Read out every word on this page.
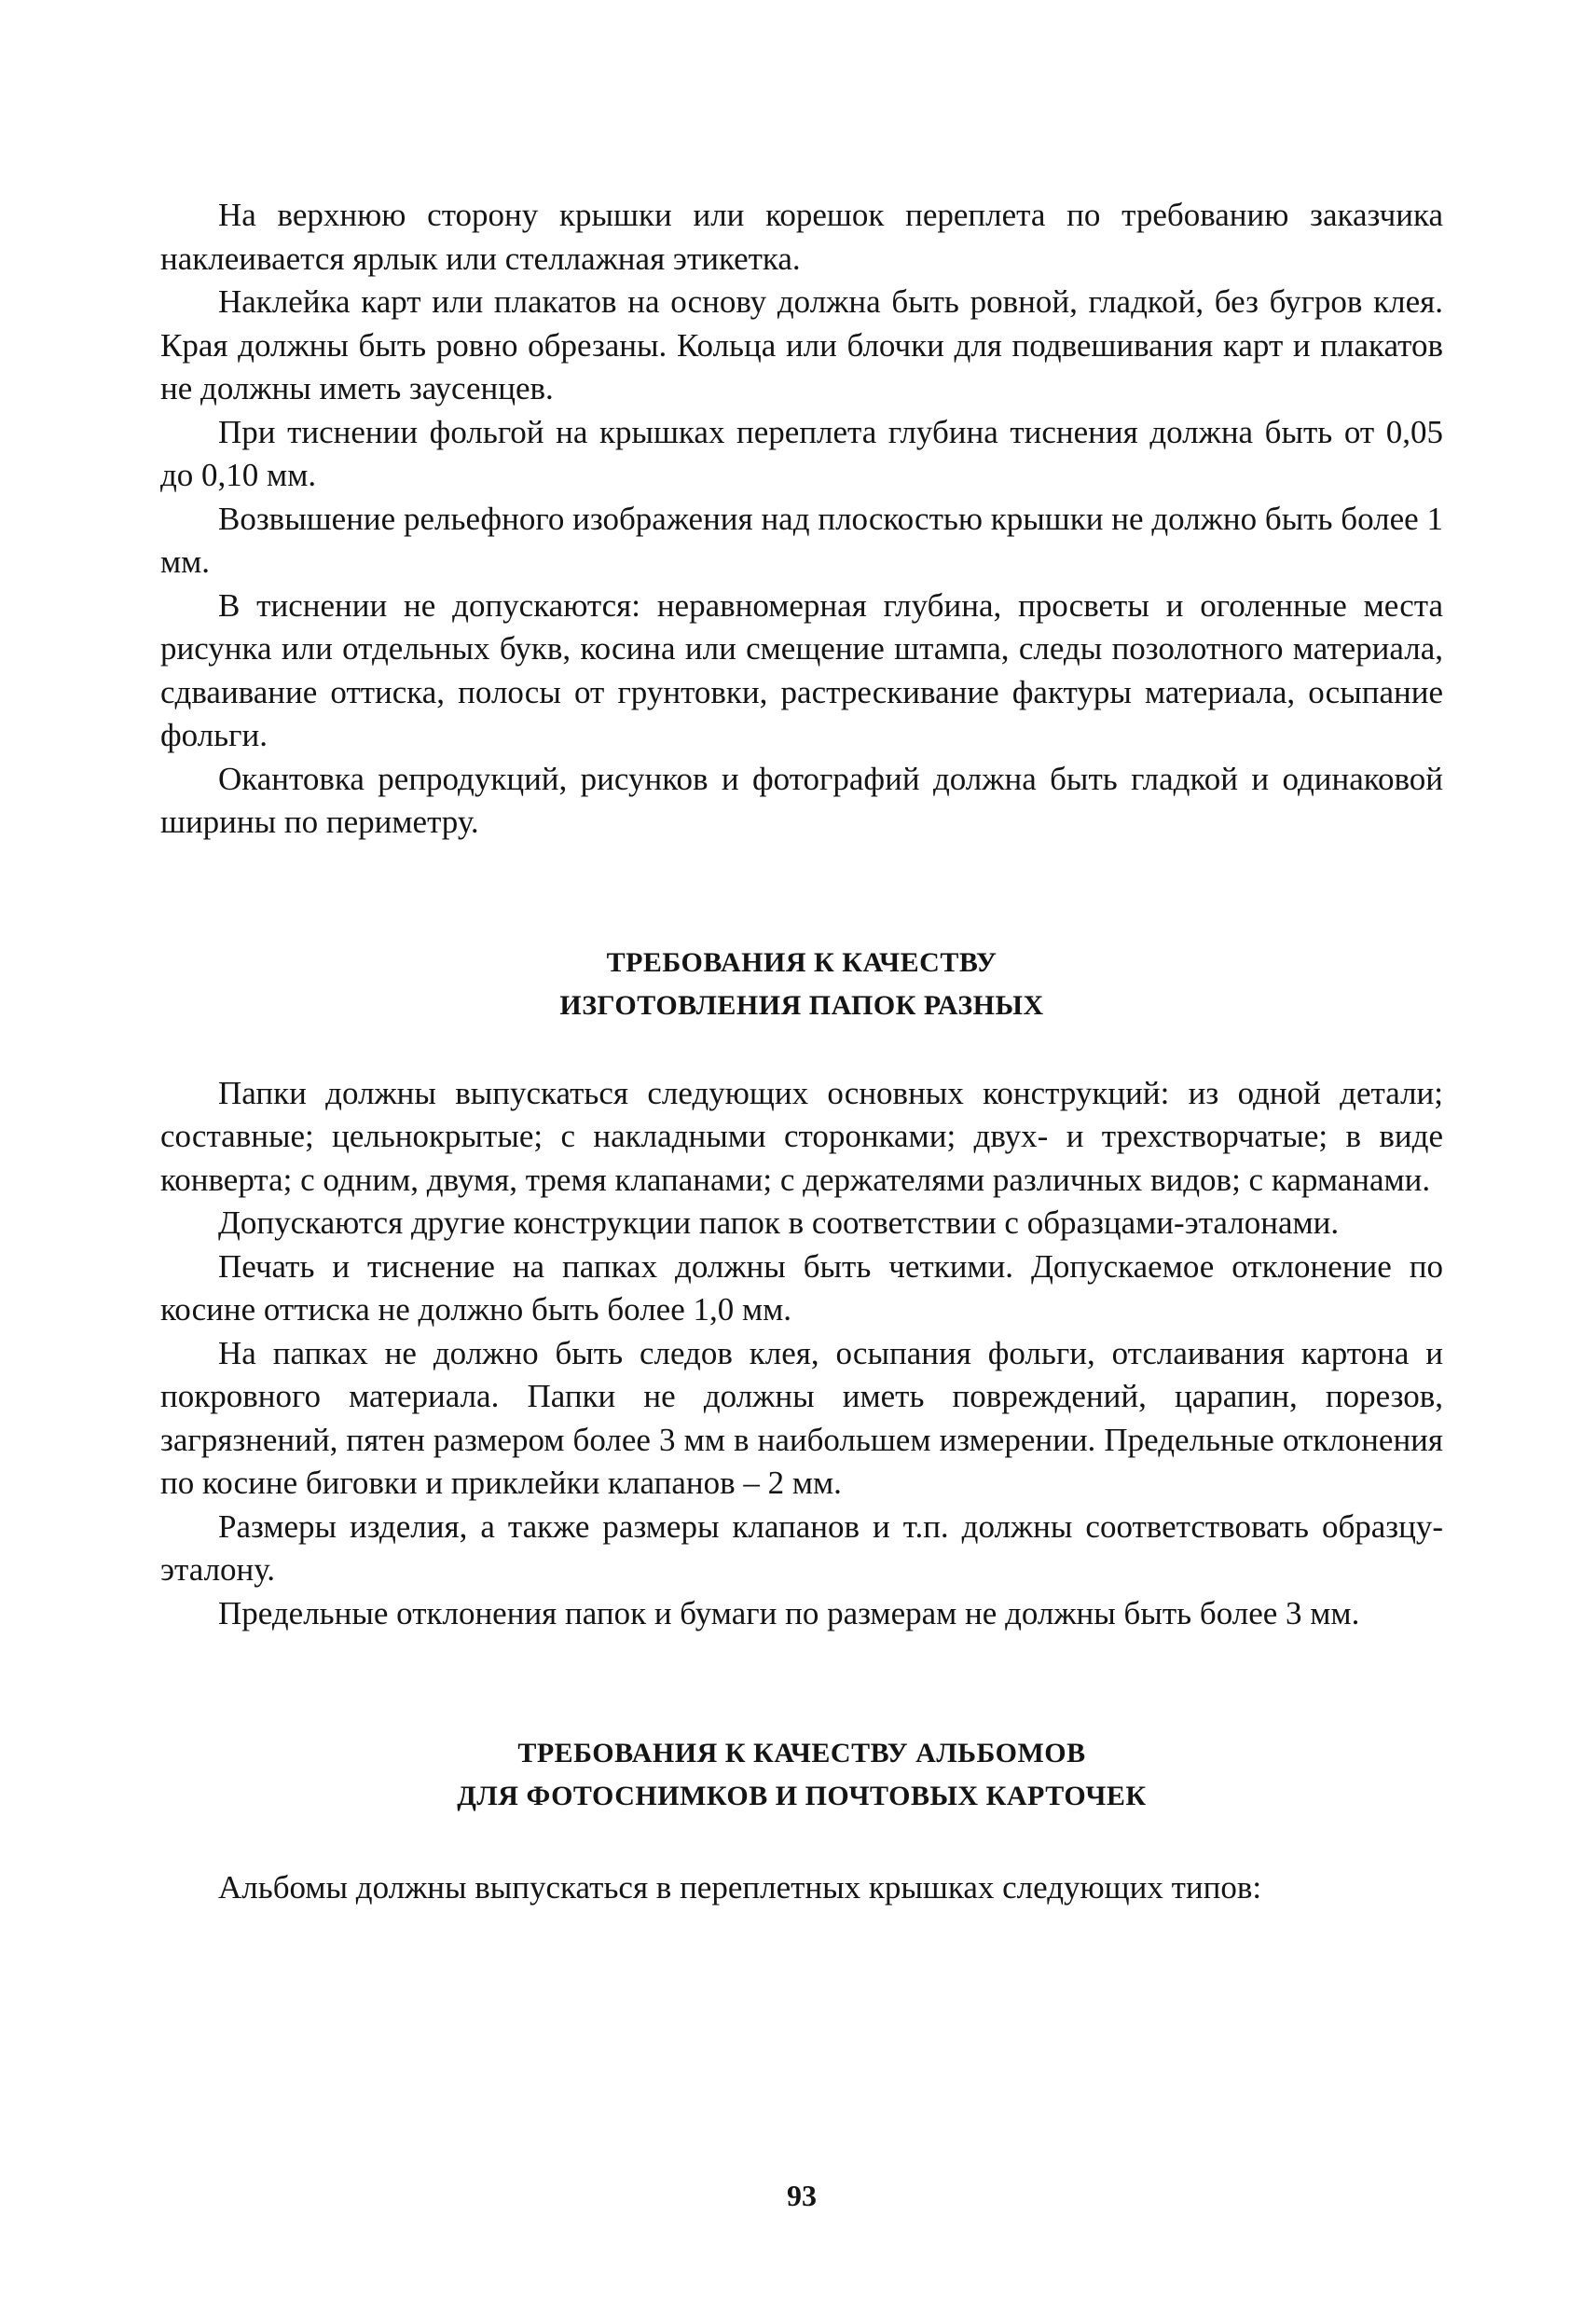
На верхнюю сторону крышки или корешок переплета по требованию заказчика наклеивается ярлык или стеллажная этикетка.

Наклейка карт или плакатов на основу должна быть ровной, гладкой, без бугров клея. Края должны быть ровно обрезаны. Кольца или блочки для подвешивания карт и плакатов не должны иметь заусенцев.

При тиснении фольгой на крышках переплета глубина тиснения должна быть от 0,05 до 0,10 мм.

Возвышение рельефного изображения над плоскостью крышки не должно быть более 1 мм.

В тиснении не допускаются: неравномерная глубина, просветы и оголенные места рисунка или отдельных букв, косина или смещение штампа, следы позолотного материала, сдваивание оттиска, полосы от грунтовки, растрескивание фактуры материала, осыпание фольги.

Окантовка репродукций, рисунков и фотографий должна быть гладкой и одинаковой ширины по периметру.

ТРЕБОВАНИЯ К КАЧЕСТВУ

ИЗГОТОВЛЕНИЯ ПАПОК РАЗНЫХ

Папки должны выпускаться следующих основных конструкций: из одной детали; составные; цельнокрытые; с накладными сторонками; двух- и трехстворчатые; в виде конверта; с одним, двумя, тремя клапанами; с держателями различных видов; с карманами.

Допускаются другие конструкции папок в соответствии с образцами-эталонами.

Печать и тиснение на папках должны быть четкими. Допускаемое отклонение по косине оттиска не должно быть более 1,0 мм.

На папках не должно быть следов клея, осыпания фольги, отслаивания картона и покровного материала. Папки не должны иметь повреждений, царапин, порезов, загрязнений, пятен размером более 3 мм в наибольшем измерении. Предельные отклонения по косине биговки и приклейки клапанов – 2 мм.

Размеры изделия, а также размеры клапанов и т.п. должны соответствовать образцу-эталону.

Предельные отклонения папок и бумаги по размерам не должны быть более 3 мм.

ТРЕБОВАНИЯ К КАЧЕСТВУ АЛЬБОМОВ

ДЛЯ ФОТОСНИМКОВ И ПОЧТОВЫХ КАРТОЧЕК

Альбомы должны выпускаться в переплетных крышках следующих типов:

93
